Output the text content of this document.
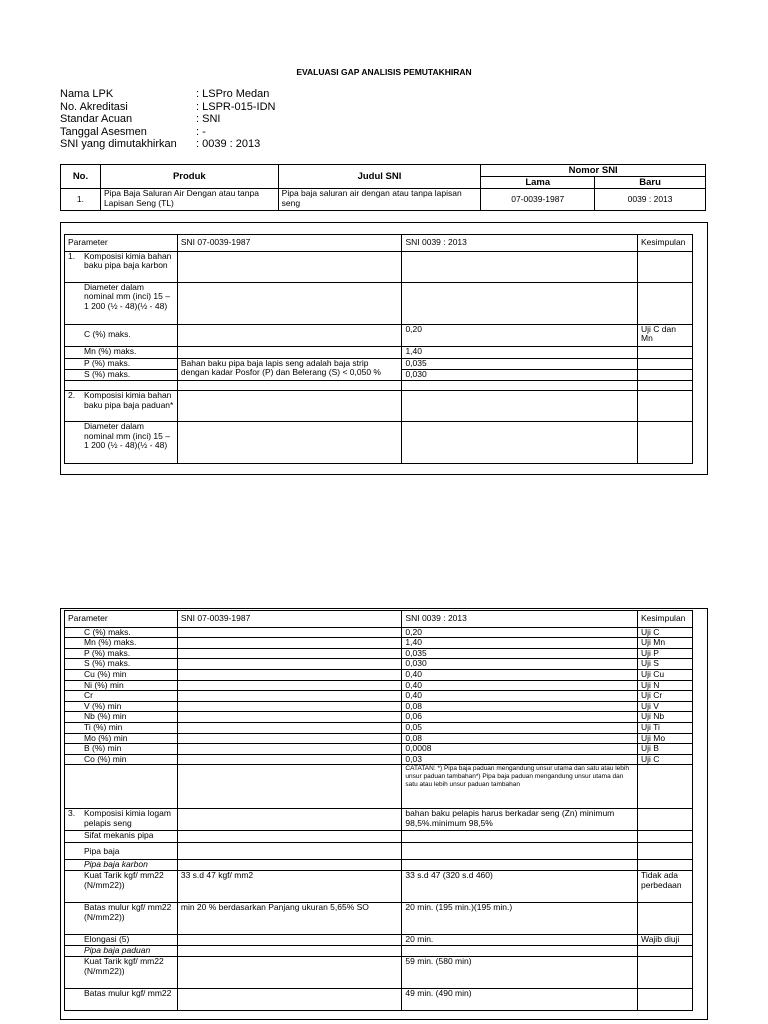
EVALUASI GAP ANALISIS PEMUTAKHIRAN
Nama LPK	: LSPro Medan
No. Akreditasi	: LSPR-015-IDN
Standar Acuan	: SNI
Tanggal Asesmen	: -
SNI yang dimutakhirkan	: 0039 : 2013
No.	Produk	Judul SNI	Nomor SNI	
			Lama	Baru
1.	Pipa Baja Saluran Air Dengan atau tanpa Lapisan Seng (TL)	Pipa baja saluran air dengan atau tanpa lapisan seng	07-0039-1987	0039 : 2013
Parameter	SNI 07-0039-1987	SNI 0039 : 2013	Kesimpulan

1. Komposisi kimia bahan baku pipa baja karbon			

Diameter dalam nominal mm (inci) 15 – 1 200 (½ - 48)(½ - 48)			
C (%) maks.		0,20	Uji C dan Mn
Mn (%) maks.		1,40	
P (%) maks.	Bahan baku pipa baja lapis seng adalah baja strip dengan kadar Posfor (P) dan Belerang (S) < 0,050 %	0,035	
S (%) maks.		0,030	

2. Komposisi kimia bahan baku pipa baja paduan*			

Diameter dalam nominal mm (inci) 15 – 1 200 (½ - 48)(½ - 48)			
Parameter	SNI 07-0039-1987	SNI 0039 : 2013	Kesimpulan
C (%) maks.		0,20	Uji C
Mn (%) maks.		1,40	Uji Mn
P (%) maks.		0,035	Uji P
S (%) maks.		0,030	Uji S
Cu (%) min		0,40	Uji Cu
Ni (%) min		0,40	Uji N
Cr		0,40	Uji Cr
V (%) min		0,08	Uji V
Nb (%) min		0,06	Uji Nb
Ti (%) min		0,05	Uji Ti
Mo (%) min		0,08	Uji Mo
B (%) min		0,0008	Uji B
Co (%) min		0,03	Uji C
		CATATAN: *) Pipa baja paduan mengandung unsur utama dan satu atau lebih unsur paduan tambahan*) Pipa baja paduan mengandung unsur utama dan satu atau lebih unsur paduan tambahan	

3. Komposisi kimia logam pelapis seng		bahan baku pelapis harus berkadar seng (Zn) minimum 98,5%.minimum 98,5%	
Sifat mekanis pipa			
Pipa baja			
Pipa baja karbon			
Kuat Tarik kgf/ mm22 (N/mm22))	33 s.d 47 kgf/ mm2	33 s.d 47 (320 s.d 460)	Tidak ada perbedaan
Batas mulur kgf/ mm22 (N/mm22))	min 20 % berdasarkan Panjang ukuran 5,65% SO	20 min. (195 min.)(195 min.)	
Elongasi (5)		20 min.	Wajib diuji
Pipa baja paduan			
Kuat Tarik kgf/ mm22 (N/mm22))		59 min. (580 min)	
Batas mulur kgf/ mm22		49 min. (490 min)	
